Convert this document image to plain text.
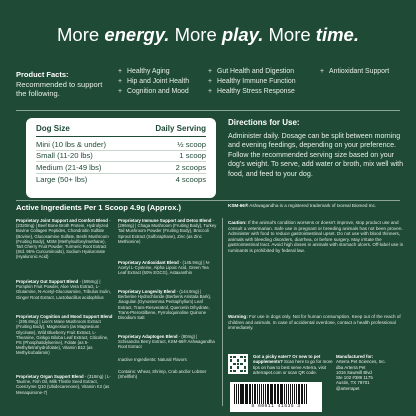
More energy. More play. More time.
Product Facts:
Recommended to support the following.
+ Healthy Aging	+ Gut Health and Digestion	+ Antioxidant Support
+ Hip and Joint Health	+ Healthy Immune Function
+ Cognition and Mood	+ Healthy Stress Response
Dog Size	Daily Serving
Mini (10 lbs & under)	½ scoop
Small (11-20 lbs)	1 scoop
Medium (21-49 lbs)	2 scoops
Large (50+ lbs)	4 scoops
Directions for Use:
Administer daily. Dosage can be split between morning and evening feedings, depending on your preference. Follow the recommended serving size based on your dog's weight. To serve, add water or broth, mix well with food, and feed to your dog.
Active Ingredients Per 1 Scoop 4.9g (Approx.)
Proprietary Joint Support and Comfort Blend - (2320mg) | Beef Bone Broth Protein, Hydrolyzed Bovine Collagen Peptides, Chondroitin Sulfate (Bovine), Glucosamine Sulfate, Beshi Mushroom (Fruiting Body), MSM (Methylsulfonylmethane), Tart Cherry Fruit Powder, Turmeric Root Extract (Std. 95% Curcuminoids), Sodium Hyaluronate (Hyaluronic Acid)
Proprietary Gut Support Blend - (595mg) | Pumpkin Fruit Powder, Aloe Vera Extract, L-Glutamine, N-Acetyl-Glucosamine, Tribulus Inulin, Ginger Root Extract, Lactobacillus acidophilus
Proprietary Cognition and Mood Support Blend - (295.8mg) | Lion's Mane Mushroom Extract (Fruiting Body), Magnesium (as Magnesium Glycinate), Wild Blueberry Fruit Extract, L-Theanine, Ginkgo Biloba Leaf Extract, Citicoline, PS (Phosphatidylserine), Folate (as 5-Methyltetrahydrofolate), Vitamin B12 (as Methylcobalamin)
Proprietary Organ Support Blend - (318mg) | L-Taurine, Fish Oil, Milk Thistle Seed Extract, Coenzyme Q10 (Ubidecarenone), Vitamin K2 (as Menaquinone-7)
Proprietary Immune Support and Detox Blend - (296mg) | Chaga Mushroom (Fruiting Body), Turkey Tail Mushroom Powder (Fruiting Body), Broccoli Sprout Extract (Sulforaphane), Zinc (as Zinc Methionine)
Proprietary Antioxidant Blend - (145.9mg) | N-Acetyl L-Cysteine, Alpha Lipoic Acid, Green Tea Leaf Extract (50% EGCG), Astaxanthin
Proprietary Longevity Blend - (144.9mg) | Berberine Hydrochloride (Berberis Aristata Bark), Jiaogulan (Gynostemma Pentaphyllum) Leaf Extract, Trans-Resveratrol, Quercetin Dihydrate, Trans-Pterostilbene, Pyrroloquinoline Quinone Disodium Salt
Proprietary Adaptogen Blend - (80mg) | Schisandra Berry Extract, KSM-66® Ashwagandha Root Extract
Inactive Ingredients: Natural Flavors
Contains: Wheat, Shrimp, Crab and/or Lobster (Shellfish)
KSM-66® Ashwagandha is a registered trademark of Ixoreal Biomed Inc.
Caution: If the animal's condition worsens or doesn't improve, stop product use and consult a veterinarian. Safe use in pregnant or breeding animals has not been proven. Administer with food to reduce gastrointestinal upset. Do not use with blood thinners, animals with bleeding disorders, diarrhea, or before surgery. May irritate the gastrointestinal tract. Avoid high doses in animals with stomach ulcers. Off-label use in ruminants is prohibited by federal law.
Warning: For use in dogs only. Not for human consumption. Keep out of the reach of children and animals. In case of accidental overdose, contact a health professional immediately.
Got a picky eater? Or new to pet supplements? Scan here to go for more tips on how to best serve Arterra, visit arterrapet.com or scan QR code.
8 60011 41535 3
Manufactured for:
Arterra Pet Sciences, Inc.
dba Arterra Pet
1016 Sawmill Blvd
Ste 102 #389 1175
Austin, TX 78701
@arterrapet
